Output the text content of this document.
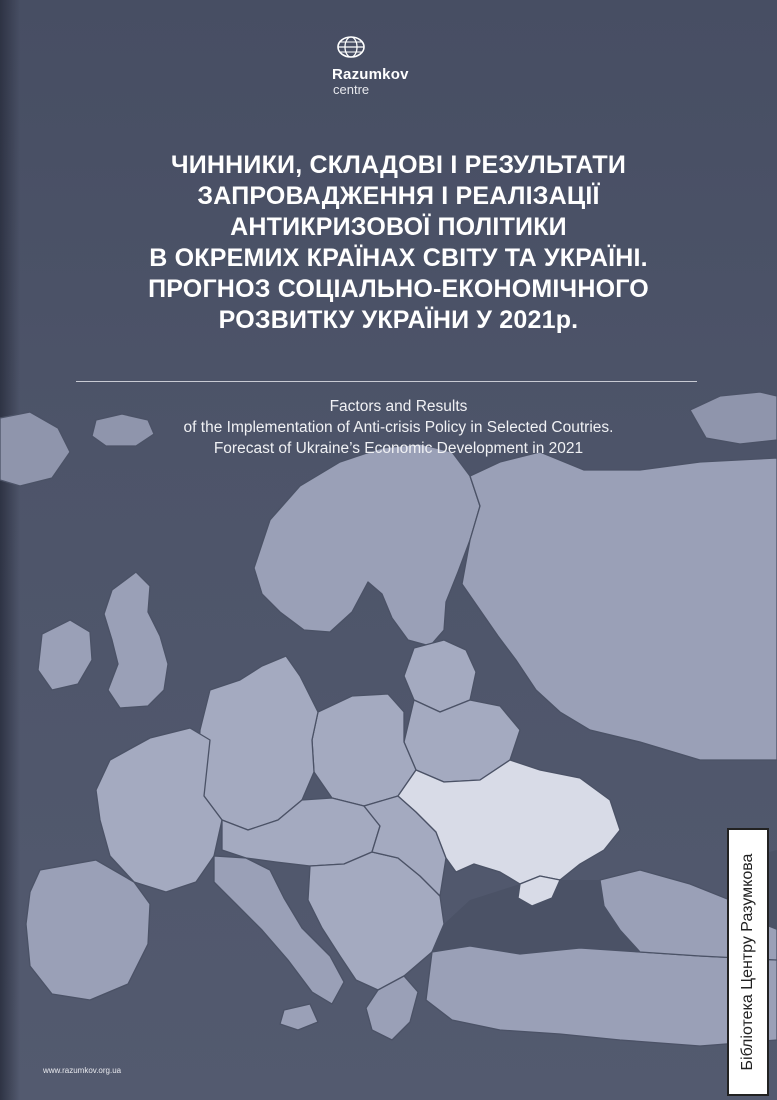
Razumkov
centre
ЧИННИКИ, СКЛАДОВІ І РЕЗУЛЬТАТИ
ЗАПРОВАДЖЕННЯ І РЕАЛІЗАЦІЇ
АНТИКРИЗОВОЇ ПОЛІТИКИ
В ОКРЕМИХ КРАЇНАХ СВІТУ ТА УКРАЇНІ.
ПРОГНОЗ СОЦІАЛЬНО-ЕКОНОМІЧНОГО
РОЗВИТКУ УКРАЇНИ У 2021р.
Factors and Results
of the Implementation of Anti-crisis Policy in Selected Coutries.
Forecast of Ukraine’s Economic Development in 2021
www.razumkov.org.ua
Бібліотека Центру Разумкова
